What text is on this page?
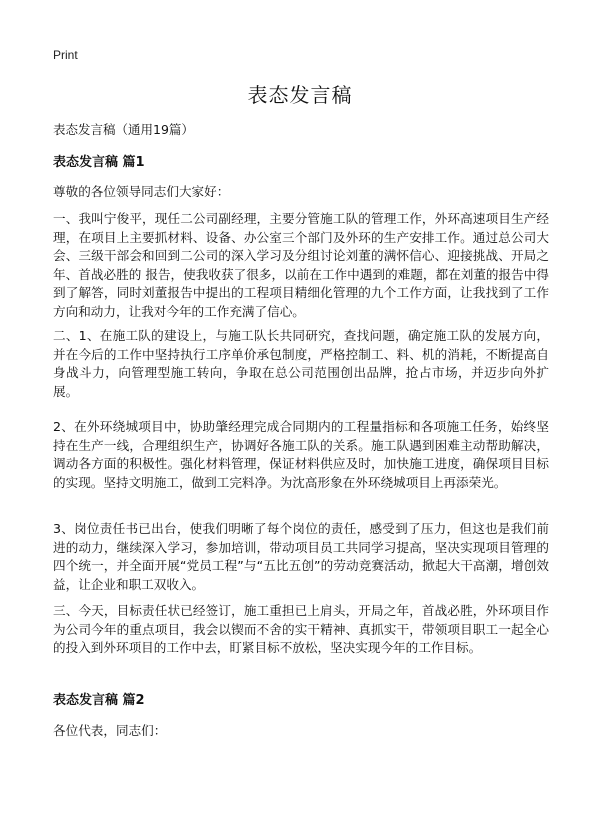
Print
表态发言稿
表态发言稿（通用19篇）
表态发言稿 篇1

尊敬的各位领导同志们大家好：

一、我叫宁俊平，现任二公司副经理，主要分管施工队的管理工作，外环高速项目生产经理，在项目上主要抓材料、设备、办公室三个部门及外环的生产安排工作。通过总公司大会、三级干部会和回到二公司的深入学习及分组讨论刘董的满怀信心、迎接挑战、开局之年、首战必胜的 报告，使我收获了很多，以前在工作中遇到的难题，都在刘董的报告中得到了解答，同时刘董报告中提出的工程项目精细化管理的九个工作方面，让我找到了工作方向和动力，让我对今年的工作充满了信心。

二、1、在施工队的建设上，与施工队长共同研究，查找问题，确定施工队的发展方向，并在今后的工作中坚持执行工序单价承包制度，严格控制工、料、机的消耗，不断提高自身战斗力，向管理型施工转向，争取在总公司范围创出品牌，抢占市场，并迈步向外扩展。

2、在外环绕城项目中，协助肇经理完成合同期内的工程量指标和各项施工任务，始终坚持在生产一线，合理组织生产，协调好各施工队的关系。施工队遇到困难主动帮助解决，调动各方面的积极性。强化材料管理，保证材料供应及时，加快施工进度，确保项目目标的实现。坚持文明施工，做到工完料净。为沈高形象在外环绕城项目上再添荣光。

3、岗位责任书已出台，使我们明晰了每个岗位的责任，感受到了压力，但这也是我们前进的动力，继续深入学习，参加培训，带动项目员工共同学习提高，坚决实现项目管理的四个统一，并全面开展“党员工程”与“五比五创”的劳动竞赛活动，掀起大干高潮，增创效益，让企业和职工双收入。

三、今天，目标责任状已经签订，施工重担已上肩头，开局之年，首战必胜，外环项目作为公司今年的重点项目，我会以锲而不舍的实干精神、真抓实干，带领项目职工一起全心的投入到外环项目的工作中去，盯紧目标不放松，坚决实现今年的工作目标。

表态发言稿 篇2

各位代表，同志们：
